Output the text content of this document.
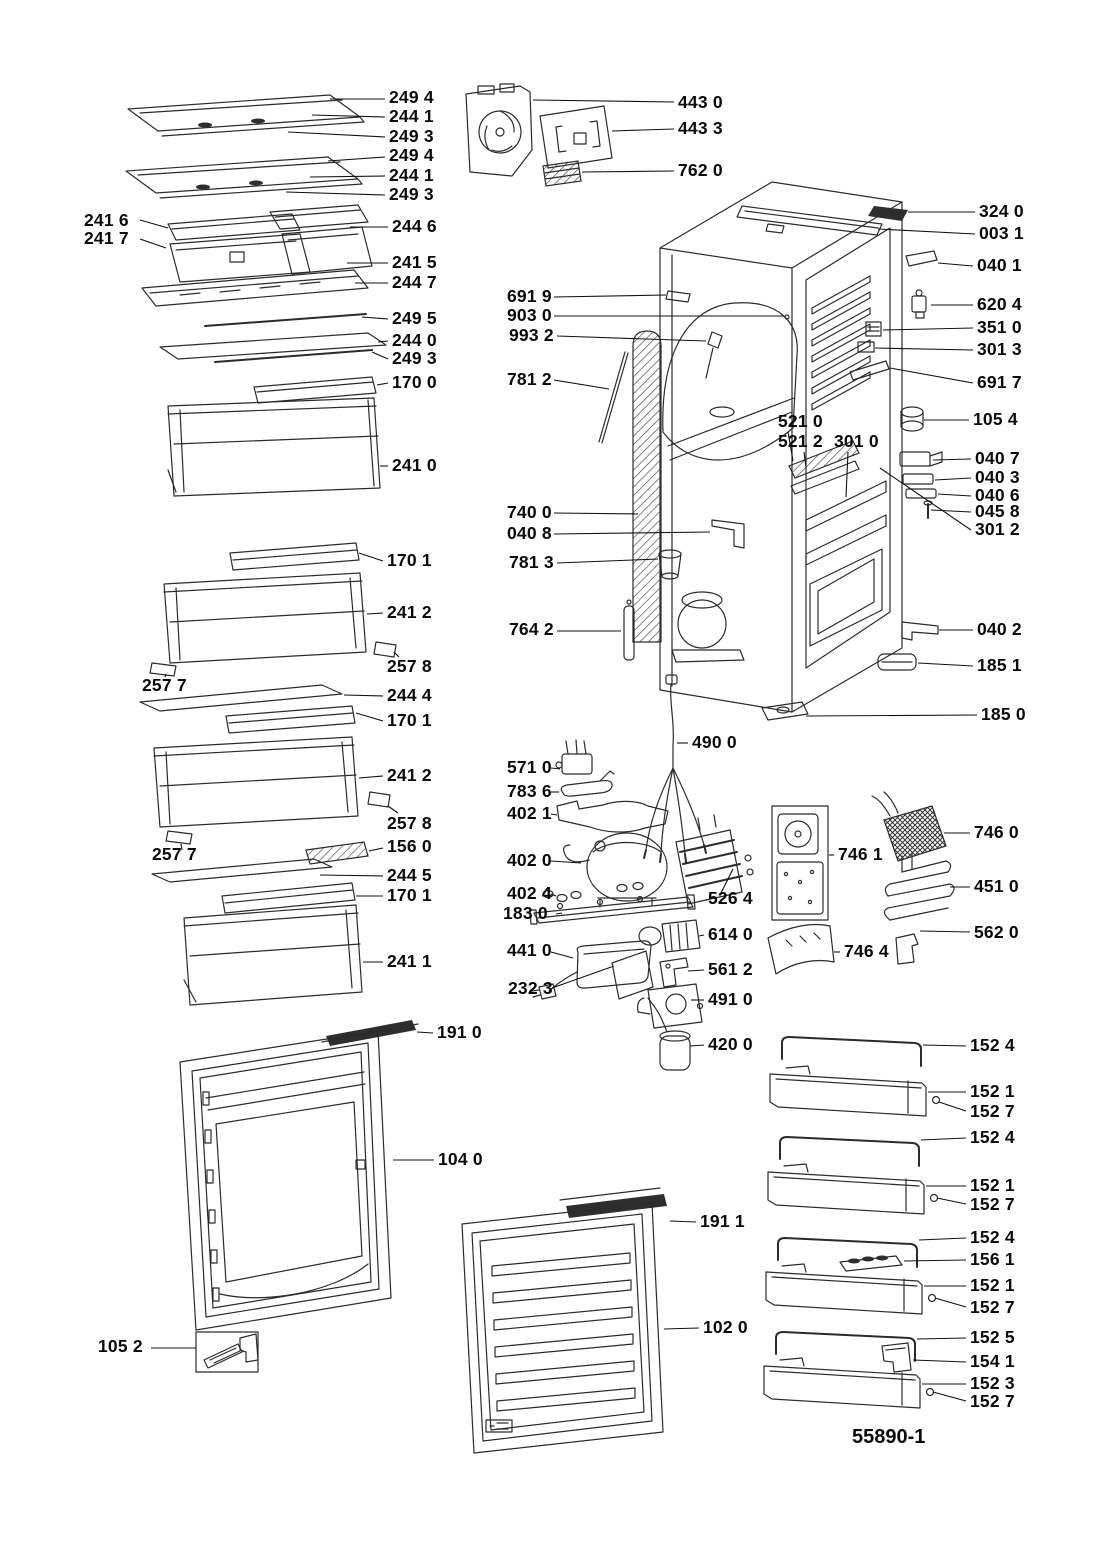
249 4
244 1
249 3
249 4
244 1
249 3
241 6
241 7
244 6
241 5
244 7
249 5
244 0
249 3
170 0
241 0
443 0
443 3
762 0
691 9
903 0
993 2
781 2
740 0
040 8
781 3
764 2
521 0
521 2 301 0
324 0
003 1
040 1
620 4
351 0
301 3
691 7
105 4
040 7
040 3
040 6
045 8
301 2
040 2
185 1
185 0
170 1
241 2
257 8
257 7	244 4
170 1
241 2
257 8
257 7	156 0
244 5
170 1
241 1
191 0
104 0
105 2
191 1
102 0
490 0
571 0
783 6
402 1
402 0
402 4
183 0
526 4
614 0
441 0
561 2
232 3
491 0
420 0
746 1
746 0
451 0
562 0
746 4
152 4
152 1
152 7
152 4
152 1
152 7
152 4
156 1
152 1
152 7
152 5
154 1
152 3
152 7
55890-1
